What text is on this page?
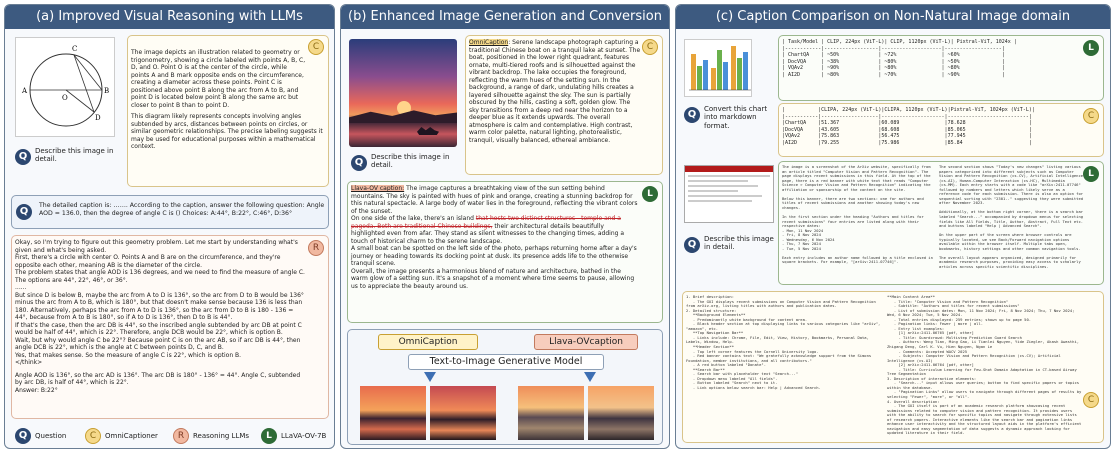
(a) Improved Visual Reasoning with LLMs
A	B
C
D
O
Q	Describe this image in detail.
C
The image depicts an illustration related to geometry or trigonometry, showing a circle labeled with points A, B, C, D, and O. Point O is at the center of the circle, while points A and B mark opposite ends on the circumference, creating a diameter across these points. Point C is positioned above point B along the arc from A to B, and point D is located below point B along the same arc but closer to point B than to point D.
This diagram likely represents concepts involving angles subtended by arcs, distances between points on circles, or similar geometric relationships. The precise labeling suggests it may be used for educational purposes within a mathematical context.
Q
The detailed caption is: ……. According to the caption, answer the following question: Angle AOD = 136.0, then the degree of angle C is () Choices: A:44°, B:22°, C:46°, D:36°
R
Okay, so I'm trying to figure out this geometry problem. Let me start by understanding what's given and what's being asked.
First, there's a circle with center O. Points A and B are on the circumference, and they're opposite each other, meaning AB is the diameter of the circle.
The problem states that angle AOD is 136 degrees, and we need to find the measure of angle C. The options are 44°, 22°, 46°, or 36°.
......
But since D is below B, maybe the arc from A to D is 136°, so the arc from D to B would be 136° minus the arc from A to B, which is 180°, but that doesn't make sense because 136 is less than 180. Alternatively, perhaps the arc from A to D is 136°, so the arc from D to B is 180 - 136 = 44°, because from A to B is 180°, so if A to D is 136°, then D to B is 44°.
If that's the case, then the arc DB is 44°, so the inscribed angle subtended by arc DB at point C would be half of 44°, which is 22°. Therefore, angle DCB would be 22°, which is option B.
Wait, but why would angle C be 22°? Because point C is on the arc AB, so if arc DB is 44°, then angle DCB is 22°, which is the angle at C between points D, C, and B.
Yes, that makes sense. So the measure of angle C is 22°, which is option B.
</think>
Angle AOD is 136°, so the arc AD is 136°. The arc DB is 180° - 136° = 44°. Angle C, subtended by arc DB, is half of 44°, which is 22°.
Answer: B:22°
Q	Question	C	OmniCaptioner	R	Reasoning LLMs	L	LLaVA-OV-7B
(b) Enhanced Image Generation and Conversion
Q	Describe this image in detail.
C
OmniCaption: Serene landscape photograph capturing a traditional Chinese boat on a tranquil lake at sunset. The boat, positioned in the lower right quadrant, features ornate, multi-tiered roofs and is silhouetted against the vibrant backdrop. The lake occupies the foreground, reflecting the warm hues of the setting sun. In the background, a range of dark, undulating hills creates a layered silhouette against the sky. The sun is partially obscured by the hills, casting a soft, golden glow. The sky transitions from a deep red near the horizon to a deeper blue as it extends upwards. The overall atmosphere is calm and contemplative. High contrast, warm color palette, natural lighting, photorealistic, tranquil, visually balanced, ethereal ambiance.
L
Llava-OV caption: The image captures a breathtaking view of the sun setting behind mountains. The sky is painted with hues of pink and orange, creating a stunning backdrop for this natural spectacle. A large body of water lies in the foreground, reflecting the vibrant colors of the sunset.
On one side of the lake, there's an island that hosts two distinct structures - temple and a pagoda. Both are traditional Chinese buildings, their architectural details beautifully highlighted even from afar. They stand as silent witnesses to the changing times, adding a touch of historical charm to the serene landscape.
A small boat can be spotted on the left side of the photo, perhaps returning home after a day's journey or heading towards its docking point at dusk. Its presence adds life to the otherwise tranquil scene.
Overall, the image presents a harmonious blend of nature and architecture, bathed in the warm glow of a setting sun. It's a snapshot of a moment where time seems to pause, allowing us to appreciate the beauty around us.
OmniCaption	Llava-OVcaption
Text-to-Image Generative Model
(c) Caption Comparison on Non-Natural Image domain
Q	Convert this chart into markdown format.
L
| Task/Model | CLIP, 224px (ViT-L)| CLIP, 1120px (ViT-L)| Pixtral-ViT, 1024x |
|------------|------------------|--------------------|-------------------|
| ChartQA    | ~50%             | ~72%               | ~60%              |
| DocVQA     | ~38%             | ~80%               | ~50%              |
| VQAv2      | ~90%             | ~80%               | ~80%              |
| AI2D       | ~80%             | ~70%               | ~90%              |
C
|           |CLIPA, 224px (ViT-L)|CLIPA, 1120px (ViT-L)|Pixtral-ViT, 1024px (ViT-L)|
|-----------|-------------------|---------------------|---------------------------|
|ChartQA    |51.367             |60.089               |78.628                     |
|DocVQA     |43.605             |68.608               |85.065                     |
|VQAv2      |75.863             |56.475               |77.945                     |
|AI2D       |79.255             |75.986               |85.84                      |
Q	Describe this image in detail.
L
The image is a screenshot of the ArXiv website, specifically from an article titled "Computer Vision and Pattern Recognition". The page displays recent submissions in this field. At the top of the page, there is a red banner with white text that reads "Computer Science > Computer Vision and Pattern Recognition" indicating the affiliation or sponsorship of the content on the site.

Below this banner, there are two sections: one for authors and titles of recent submissions and another showing today's new changes.

In the first section under the heading "Authors and titles for recent submissions" four entries are listed along with their respective dates:
- Mon, 11 Nov 2024
- Fri, 8 Nov 2024
- Wednesday, 6 Nov 2024
- Thu, 7 Nov 2024
- Tue, 5 Nov 2024

Each entry includes an author name followed by a title enclosed in square brackets. For example, "[arXiv:2411.07746]".
The second section shows "Today's new changes" listing various papers categorized into different subjects such as Computer Vision and Pattern Recognition (cs.CV), Artificial Intelligence (cs.AI), Human-Computer Interaction (cs.HC), Multimedia (cs.MM). Each entry starts with a code like "arXiv:2411.07746" followed by numbers and letters which likely serve as a reference code for each submission. There is also an option for sequential sorting with "2301.." suggesting they were submitted after November 2023.

Additionally, at the bottom right corner, there is a search bar labeled "Search..." accompanied by dropdown menus for selecting fields like All Fields, Title, Author, Abstract, Full Text etc. and buttons labeled "Help | Advanced Search".

On the upper part of the screen where browser controls are typically located, we see Back/Forward navigation options available within the browser itself. Multiple tabs open, bookmarks, history settings and other common navigation tools.

The overall layout appears organized, designed primarily for academic research purposes, providing easy access to scholarly articles across specific scientific disciplines.
C
1. Brief description:
- The GUI displays recent submissions on Computer Vision and Pattern Recognition from arXiv.org, listing titles with authors and publication dates.
2. Detailed structure:
**Background Elements**
- Predominantly white background for content area.
- Black header section at top displaying links to various categories like "arXiv", "amazon", etc.
**Top Navigation Bar**
- Links include: Chrome, File, Edit, View, History, Bookmarks, Personal Data, Labels, Window, Help.
**Header Section**
- Top left corner features the Cornell University logo.
- Red banner contains text: "We gratefully acknowledge support from the Simons Foundation, member institutions, and all contributors."
- A red button labeled "Donate".
**Search Bar**
- Search bar with placeholder text "Search..."
- Dropdown menu labeled "All fields".
- Button labeled "Search" next to it.
- Link options below search bar: Help | Advanced Search.
**Main Content Area**
- Title: "Computer Vision and Pattern Recognition"
- Subtitle: "Authors and titles for recent submissions"
- List of submission dates: Mon, 11 Nov 2024; Fri, 8 Nov 2024; Thu, 7 Nov 2024; Wed, 6 Nov 2024; Tue, 5 Nov 2024.
- Total entries displayed: 259 entries; shown up to page 50.
- Pagination links: Fewer | more | all.
- Entry list examples:
[1] arXiv:2411.06765 [pdf, other]
- Title: Guardcrowd: Multistep Prediction Guard Search
- Authors: Weng Tian, Ming Gao, Li Tianlei Nguyen, Yide Ziegler, Akash Awasthi, Zhigang Deng, Carl K. Vu, Hien Nguyen, Ngan Le
- Comments: Accepted WACV 2025
- Subjects: Computer Vision and Pattern Recognition (cs.CV); Artificial Intelligence (cs.AI)
[2] arXiv:2411.06764 [pdf, other]
- Title: Curriculum Learning for Few-Shot Domain Adaptation in CT-based Airway Tree Segmentation
3. Description of interactive elements:
- "Search..." input allows user queries; button to find specific papers or topics within the database.
- "Pagination Links" allow users to navigate through different pages of results by selecting "Fewer", "more", or "all".
4. Overall description:
- The GUI itself is part of an academic research platform showcasing recent submissions related to computer vision and pattern recognition. It provides users with the ability to search for specific topics and navigate through extensive lists of research papers. Interactive elements like the search bar and pagination links enhance user interactivity and the structured layout aids in the platform's efficient navigation and easy segmentation of data suggests a dynamic approach looking for updated literature in their field.
